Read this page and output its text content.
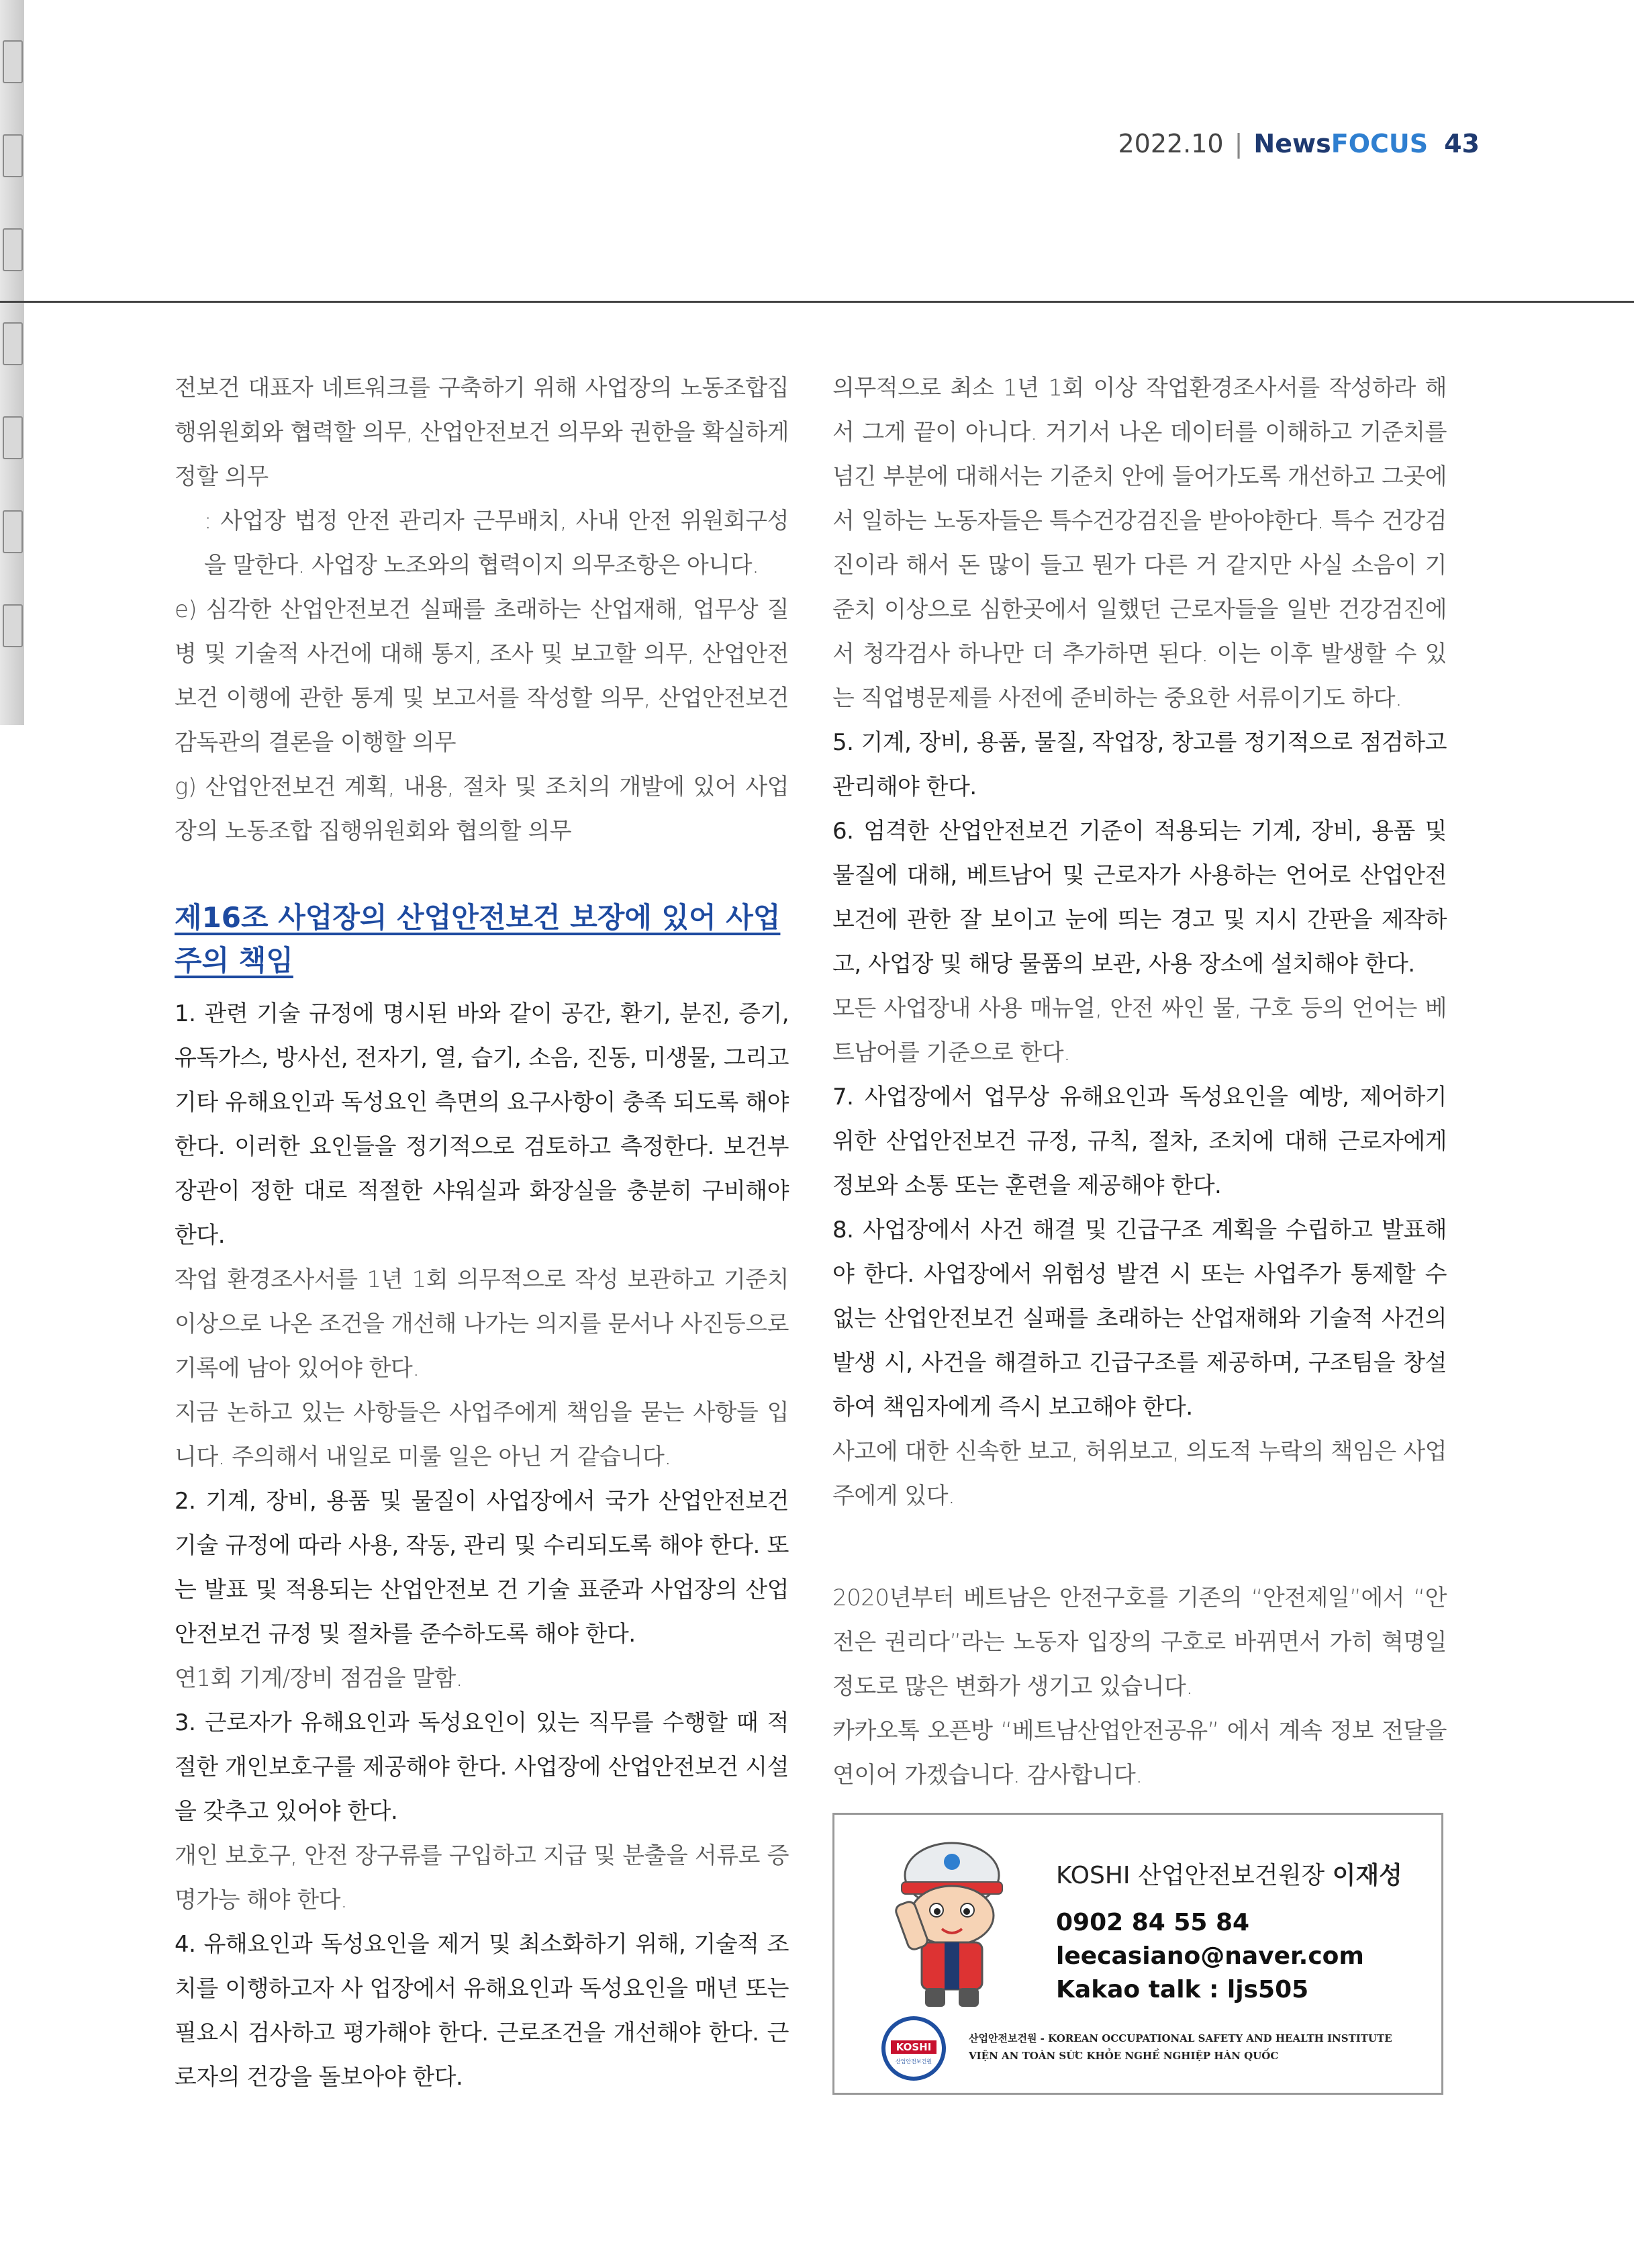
2022.10 | NewsFOCUS 43

전보건 대표자 네트워크를 구축하기 위해 사업장의 노동조합집행위원회와 협력할 의무, 산업안전보건 의무와 권한을 확실하게 정할 의무

: 사업장 법정 안전 관리자 근무배치, 사내 안전 위원회구성을 말한다. 사업장 노조와의 협력이지 의무조항은 아니다.

e) 심각한 산업안전보건 실패를 초래하는 산업재해, 업무상 질병 및 기술적 사건에 대해 통지, 조사 및 보고할 의무, 산업안전보건 이행에 관한 통계 및 보고서를 작성할 의무, 산업안전보건 감독관의 결론을 이행할 의무

g) 산업안전보건 계획, 내용, 절차 및 조치의 개발에 있어 사업장의 노동조합 집행위원회와 협의할 의무

제16조 사업장의 산업안전보건 보장에 있어 사업주의 책임

1. 관련 기술 규정에 명시된 바와 같이 공간, 환기, 분진, 증기, 유독가스, 방사선, 전자기, 열, 습기, 소음, 진동, 미생물, 그리고 기타 유해요인과 독성요인 측면의 요구사항이 충족 되도록 해야 한다. 이러한 요인들을 정기적으로 검토하고 측정한다. 보건부 장관이 정한 대로 적절한 샤워실과 화장실을 충분히 구비해야 한다.

작업 환경조사서를 1년 1회 의무적으로 작성 보관하고 기준치 이상으로 나온 조건을 개선해 나가는 의지를 문서나 사진등으로 기록에 남아 있어야 한다.

지금 논하고 있는 사항들은 사업주에게 책임을 묻는 사항들 입니다. 주의해서 내일로 미룰 일은 아닌 거 같습니다.

2. 기계, 장비, 용품 및 물질이 사업장에서 국가 산업안전보건 기술 규정에 따라 사용, 작동, 관리 및 수리되도록 해야 한다. 또는 발표 및 적용되는 산업안전보 건 기술 표준과 사업장의 산업안전보건 규정 및 절차를 준수하도록 해야 한다.

연1회 기계/장비 점검을 말함.

3. 근로자가 유해요인과 독성요인이 있는 직무를 수행할 때 적절한 개인보호구를 제공해야 한다. 사업장에 산업안전보건 시설을 갖추고 있어야 한다.

개인 보호구, 안전 장구류를 구입하고 지급 및 분출을 서류로 증명가능 해야 한다.

4. 유해요인과 독성요인을 제거 및 최소화하기 위해, 기술적 조치를 이행하고자 사 업장에서 유해요인과 독성요인을 매년 또는 필요시 검사하고 평가해야 한다. 근로조건을 개선해야 한다. 근로자의 건강을 돌보아야 한다.

의무적으로 최소 1년 1회 이상 작업환경조사서를 작성하라 해서 그게 끝이 아니다. 거기서 나온 데이터를 이해하고 기준치를 넘긴 부분에 대해서는 기준치 안에 들어가도록 개선하고 그곳에서 일하는 노동자들은 특수건강검진을 받아야한다. 특수 건강검진이라 해서 돈 많이 들고 뭔가 다른 거 같지만 사실 소음이 기준치 이상으로 심한곳에서 일했던 근로자들을 일반 건강검진에서 청각검사 하나만 더 추가하면 된다. 이는 이후 발생할 수 있는 직업병문제를 사전에 준비하는 중요한 서류이기도 하다.

5. 기계, 장비, 용품, 물질, 작업장, 창고를 정기적으로 점검하고 관리해야 한다.

6. 엄격한 산업안전보건 기준이 적용되는 기계, 장비, 용품 및 물질에 대해, 베트남어 및 근로자가 사용하는 언어로 산업안전보건에 관한 잘 보이고 눈에 띄는 경고 및 지시 간판을 제작하고, 사업장 및 해당 물품의 보관, 사용 장소에 설치해야 한다.

모든 사업장내 사용 매뉴얼, 안전 싸인 물, 구호 등의 언어는 베트남어를 기준으로 한다.

7. 사업장에서 업무상 유해요인과 독성요인을 예방, 제어하기 위한 산업안전보건 규정, 규칙, 절차, 조치에 대해 근로자에게 정보와 소통 또는 훈련을 제공해야 한다.

8. 사업장에서 사건 해결 및 긴급구조 계획을 수립하고 발표해야 한다. 사업장에서 위험성 발견 시 또는 사업주가 통제할 수 없는 산업안전보건 실패를 초래하는 산업재해와 기술적 사건의 발생 시, 사건을 해결하고 긴급구조를 제공하며, 구조팀을 창설하여 책임자에게 즉시 보고해야 한다.

사고에 대한 신속한 보고, 허위보고, 의도적 누락의 책임은 사업주에게 있다.

2020년부터 베트남은 안전구호를 기존의 “안전제일”에서 “안전은 권리다”라는 노동자 입장의 구호로 바뀌면서 가히 혁명일 정도로 많은 변화가 생기고 있습니다.

카카오톡 오픈방 “베트남산업안전공유” 에서 계속 정보 전달을 연이어 가겠습니다. 감사합니다.

KOSHI 산업안전보건원장 이재성
0902 84 55 84
leecasiano@naver.com
Kakao talk : ljs505
KOSHI
산업안전보건원
산업안전보건원 - KOREAN OCCUPATIONAL SAFETY AND HEALTH INSTITUTE
VIỆN AN TOÀN SỨC KHỎE NGHỀ NGHIỆP HÀN QUỐC
